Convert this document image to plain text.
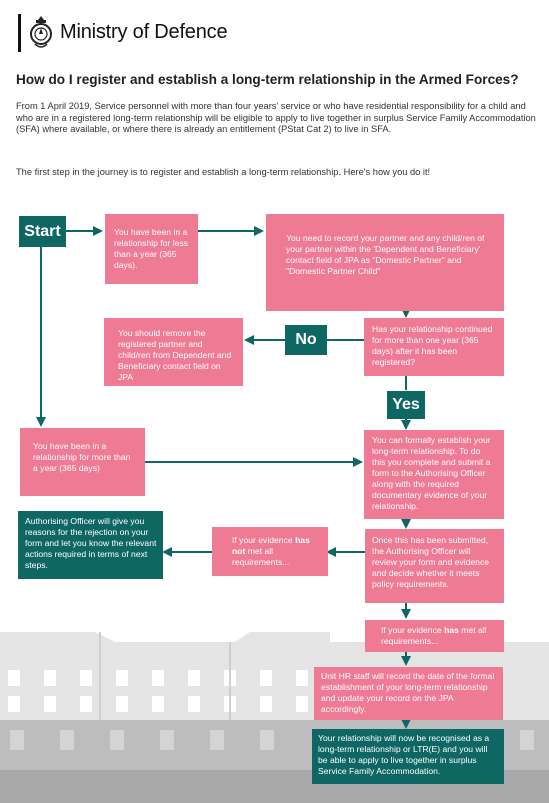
Ministry of Defence
How do I register and establish a long-term relationship in the Armed Forces?
From 1 April 2019, Service personnel with more than four years' service or who have residential responsibility for a child and who are in a registered long-term relationship will be eligible to apply to live together in surplus Service Family Accommodation (SFA) where available, or where there is already an entitlement (PStat Cat 2) to live in SFA.
The first step in the journey is to register and establish a long-term relationship. Here's how you do it!
Start	You have been in a relationship for less than a year (365 days).
You need to record your partner and any child/ren of your partner within the 'Dependent and Beneficiary' contact field of JPA as "Domestic Partner" and "Domestic Partner Child"
Has your relationship continued for more than one year (365 days) after it has been registered?
No
You should remove the registered partner and child/ren from Dependent and Beneficiary contact field on JPA
Yes
You have been in a relationship for more than a year (365 days)
You can formally establish your long-term relationship. To do this you complete and submit a form to the Authorising Officer along with the required documentary evidence of your relationship.
Once this has been submitted, the Authorising Officer will review your form and evidence and decide whether it meets policy requirements.
If your evidence has not met all requirements...
Authorising Officer will give you reasons for the rejection on your form and let you know the relevant actions required in terms of next steps.
If your evidence has met all requirements...
Unit HR staff will record the date of the formal establishment of your long-term relationship and update your record on the JPA accordingly.
Your relationship will now be recognised as a long-term relationship or LTR(E) and you will be able to apply to live together in surplus Service Family Accommodation.
